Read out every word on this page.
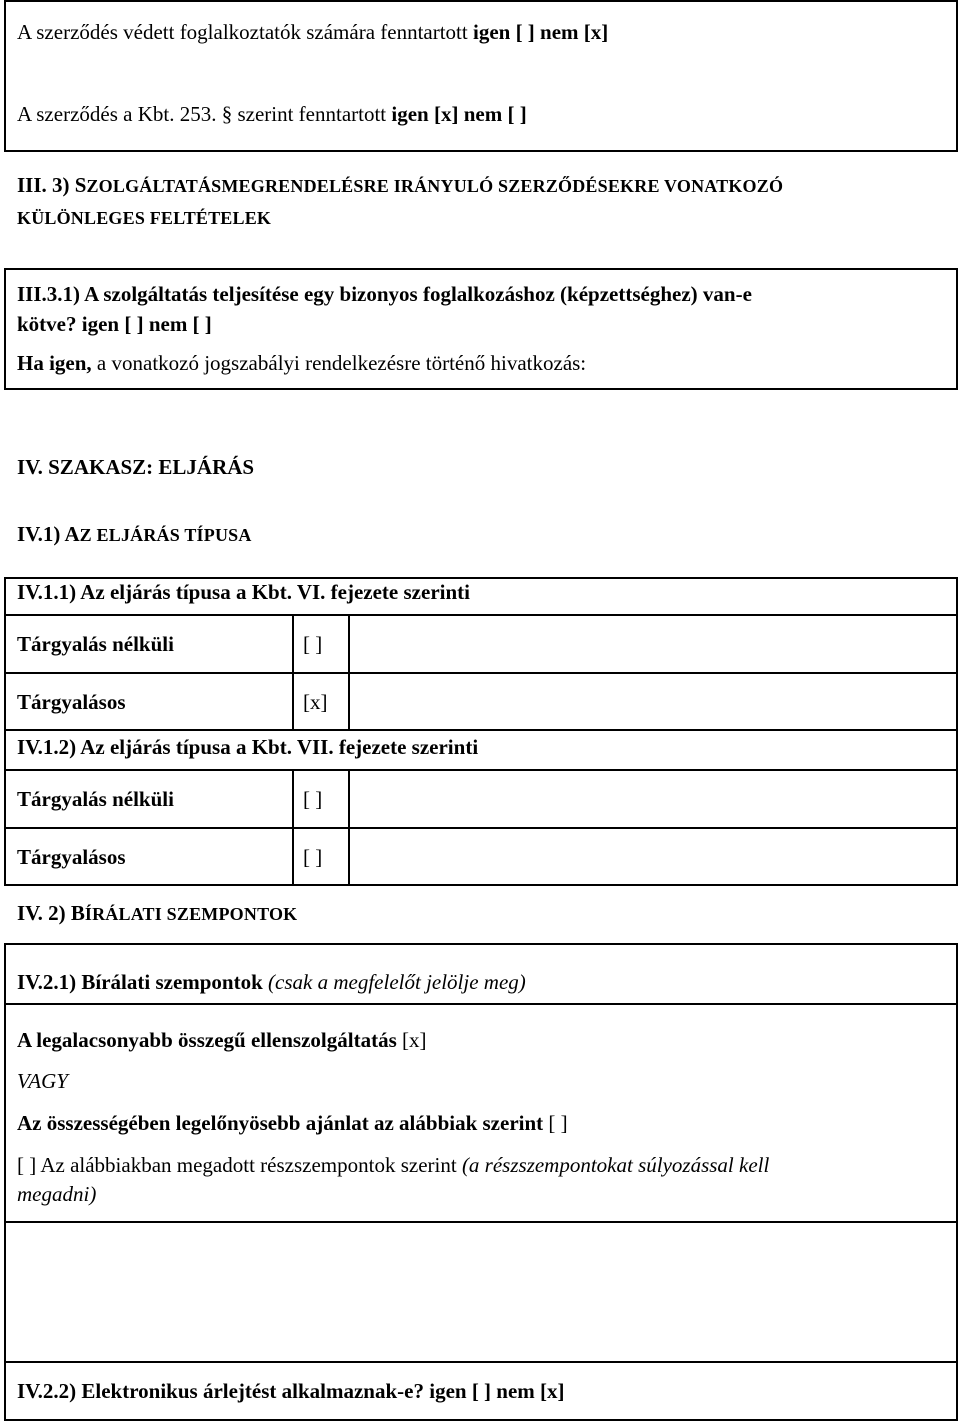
A szerződés védett foglalkoztatók számára fenntartott igen [ ] nem [x]
A szerződés a Kbt. 253. § szerint fenntartott igen [x] nem [ ]
III. 3) SZOLGÁLTATÁSMEGRENDELÉSRE IRÁNYULÓ SZERZŐDÉSEKRE VONATKOZÓ
KÜLÖNLEGES FELTÉTELEK
III.3.1) A szolgáltatás teljesítése egy bizonyos foglalkozáshoz (képzettséghez) van-e
kötve? igen [ ] nem [ ]
Ha igen, a vonatkozó jogszabályi rendelkezésre történő hivatkozás:
IV. SZAKASZ: ELJÁRÁS
IV.1) AZ ELJÁRÁS TÍPUSA
IV.1.1) Az eljárás típusa a Kbt. VI. fejezete szerinti
Tárgyalás nélküli	[ ]
Tárgyalásos	[x]
IV.1.2) Az eljárás típusa a Kbt. VII. fejezete szerinti
Tárgyalás nélküli	[ ]
Tárgyalásos	[ ]
IV. 2) BÍRÁLATI SZEMPONTOK
IV.2.1) Bírálati szempontok (csak a megfelelőt jelölje meg)
A legalacsonyabb összegű ellenszolgáltatás [x]
VAGY
Az összességében legelőnyösebb ajánlat az alábbiak szerint [ ]
[ ] Az alábbiakban megadott részszempontok szerint (a részszempontokat súlyozással kell
megadni)
IV.2.2) Elektronikus árlejtést alkalmaznak-e? igen [ ] nem [x]
